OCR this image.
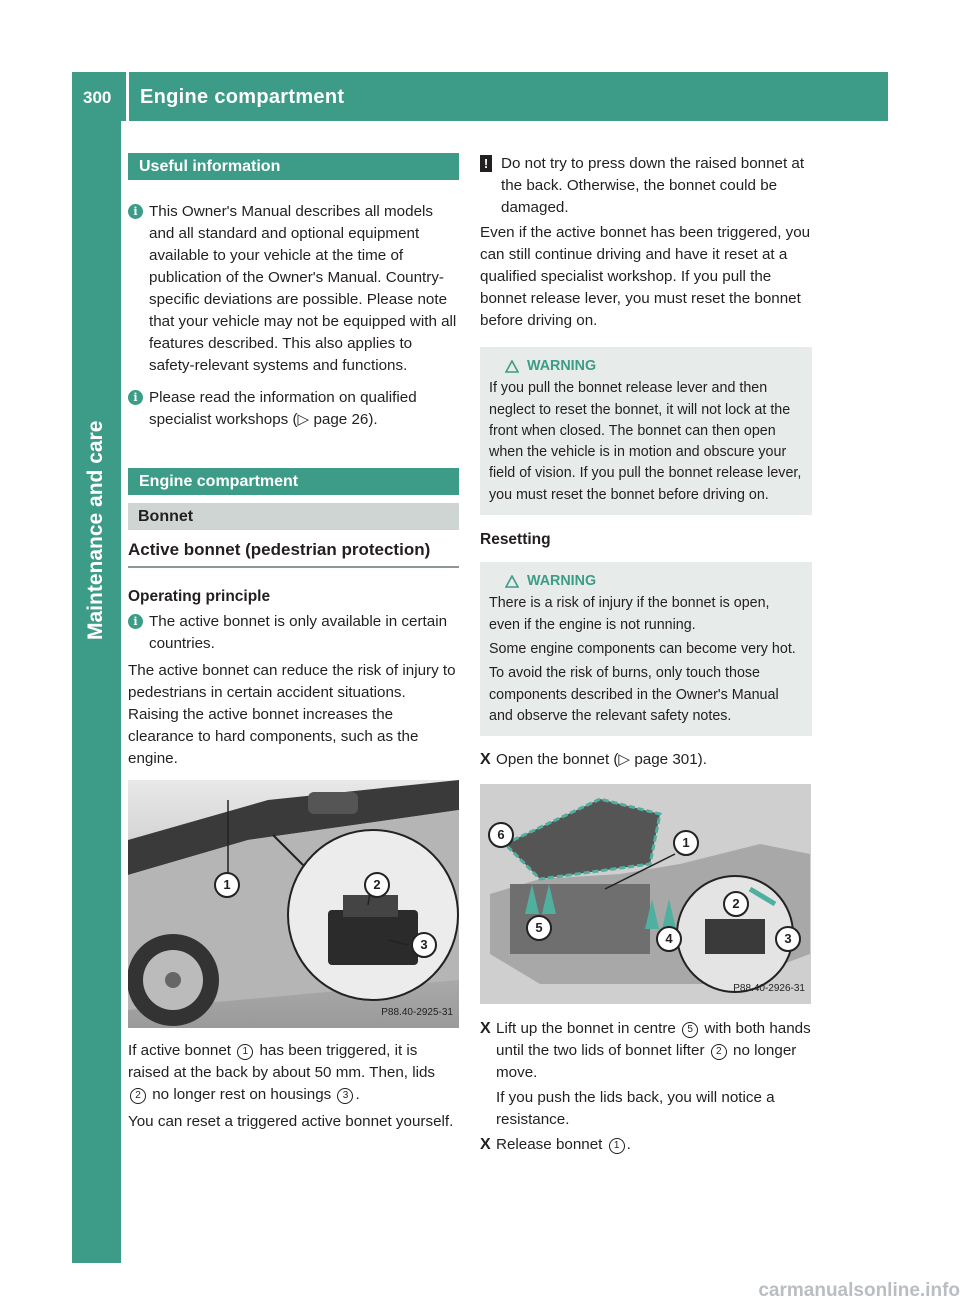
300 Engine compartment
Maintenance and care
Useful information
i This Owner's Manual describes all models and all standard and optional equipment available to your vehicle at the time of publication of the Owner's Manual. Country-specific deviations are possible. Please note that your vehicle may not be equipped with all features described. This also applies to safety-relevant systems and functions.

i Please read the information on qualified specialist workshops (▷ page 26).

Engine compartment
Bonnet
Active bonnet (pedestrian protection)
Operating principle
i The active bonnet is only available in certain countries.

The active bonnet can reduce the risk of injury to pedestrians in certain accident situations. Raising the active bonnet increases the clearance to hard components, such as the engine.

1	2
3
P88.40-2925-31

If active bonnet 1 has been triggered, it is raised at the back by about 50 mm. Then, lids 2 no longer rest on housings 3 .

You can reset a triggered active bonnet yourself.

! Do not try to press down the raised bonnet at the back. Otherwise, the bonnet could be damaged.

Even if the active bonnet has been triggered, you can still continue driving and have it reset at a qualified specialist workshop. If you pull the bonnet release lever, you must reset the bonnet before driving on.

WARNING

If you pull the bonnet release lever and then neglect to reset the bonnet, it will not lock at the front when closed. The bonnet can then open when the vehicle is in motion and obscure your field of vision. If you pull the bonnet release lever, you must reset the bonnet before driving on.

Resetting
WARNING

There is a risk of injury if the bonnet is open, even if the engine is not running.

Some engine components can become very hot.

To avoid the risk of burns, only touch those components described in the Owner's Manual and observe the relevant safety notes.

X Open the bonnet (▷ page 301).

6
1
2
3
4
5
P88.40-2926-31
X Lift up the bonnet in centre 5 with both hands until the two lids of bonnet lifter 2 no longer move.

If you push the lids back, you will notice a resistance.

X Release bonnet 1 .

carmanualsonline.info
